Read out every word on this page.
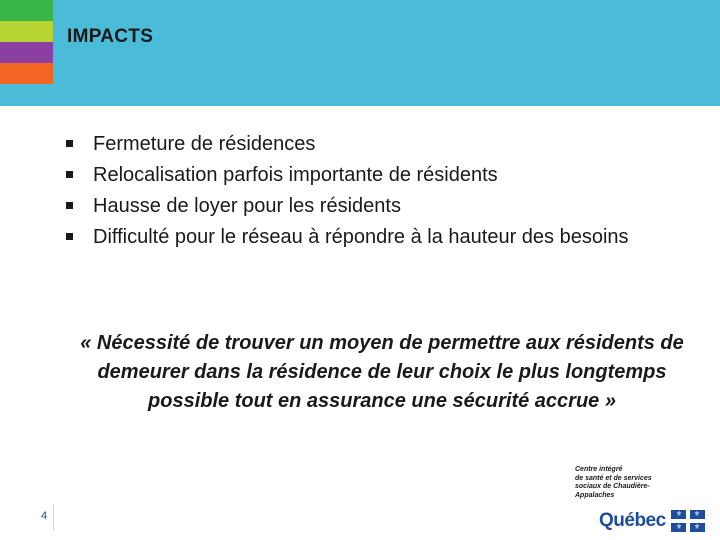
IMPACTS
Fermeture de résidences
Relocalisation parfois importante de résidents
Hausse de loyer pour les résidents
Difficulté pour le réseau à répondre à la hauteur des besoins

« Nécessité de trouver un moyen de permettre aux résidents de demeurer dans la résidence de leur choix le plus longtemps possible tout en assurance une sécurité accrue »

4

Centre intégré
de santé et de services
sociaux de Chaudière-
Appalaches

Québec ⚜ ⚜
⚜ ⚜
